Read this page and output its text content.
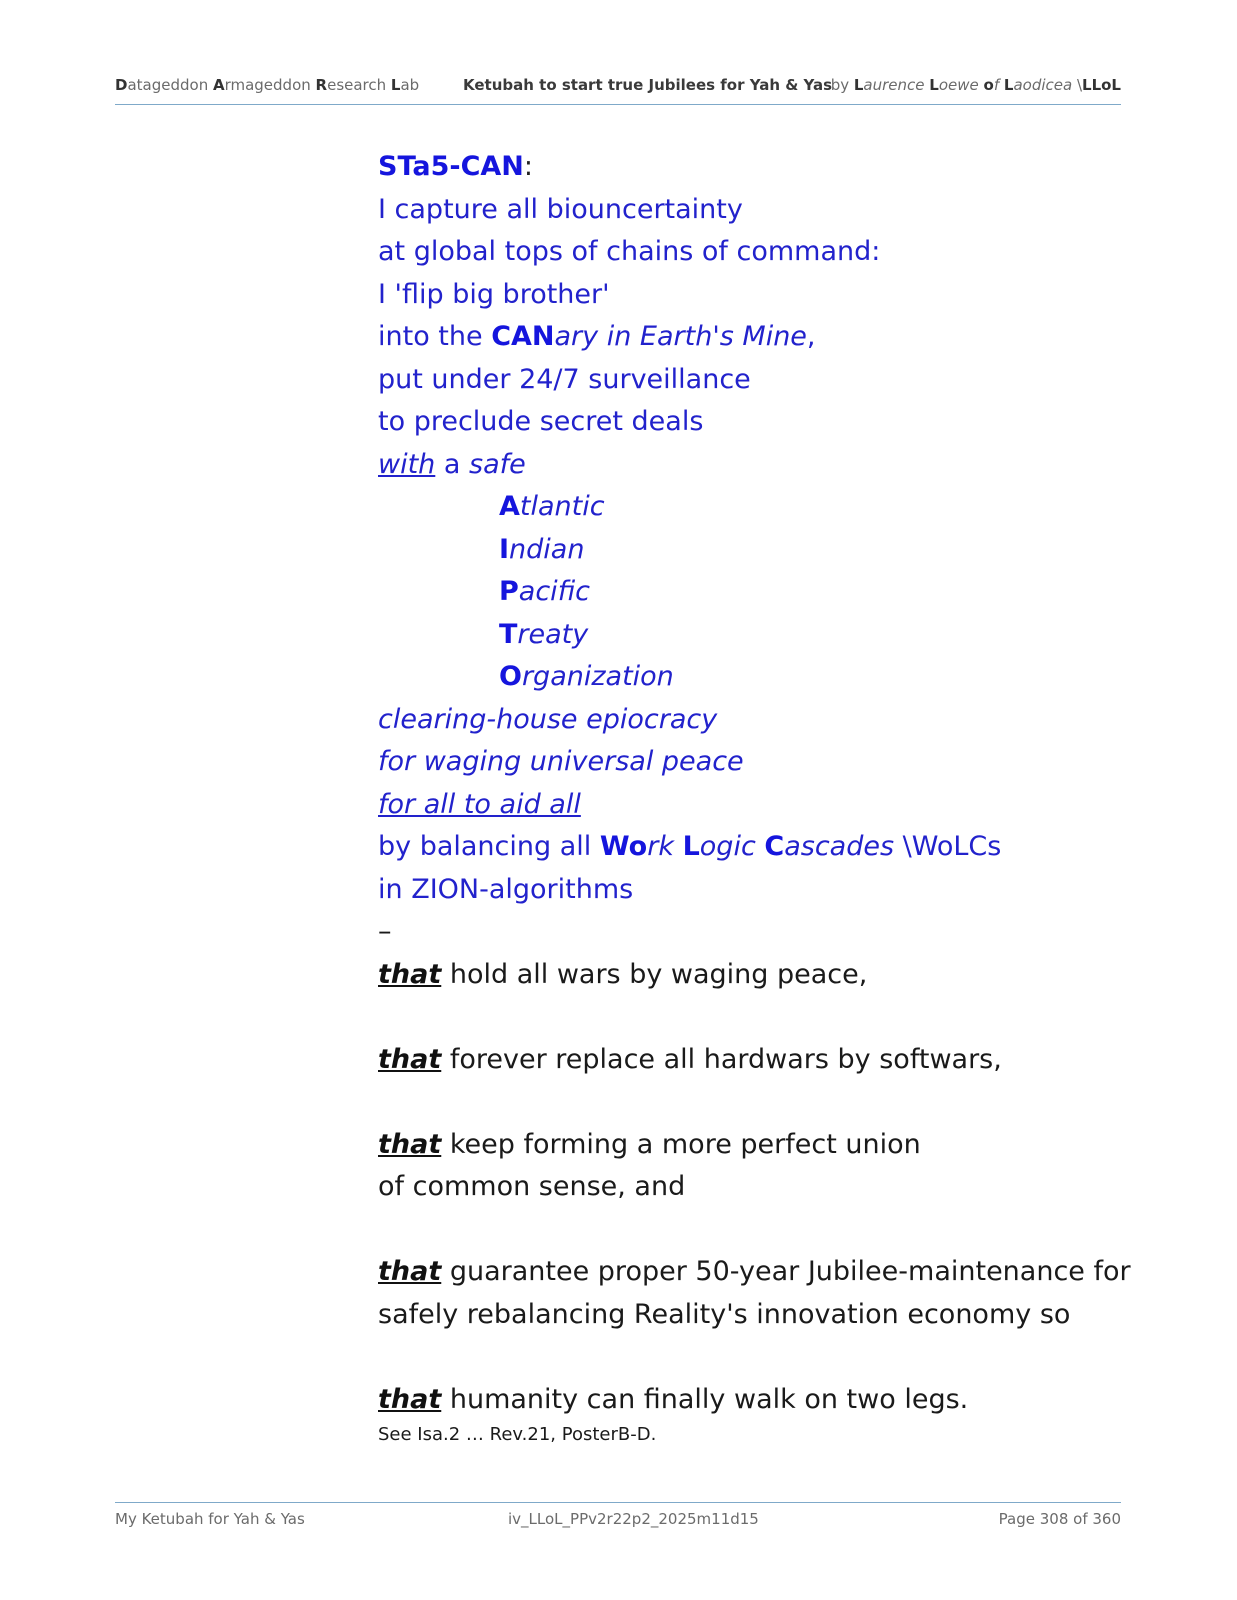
Datageddon Armageddon Research Lab	Ketubah to start true Jubilees for Yah & Yas
by Laurence Loewe of Laodicea \LLoL
STa5-CAN:
I capture all biouncertainty
at global tops of chains of command:
I 'flip big brother'
into the CANary in Earth's Mine,
put under 24/7 surveillance
to preclude secret deals
with a safe
Atlantic
Indian
Pacific
Treaty
Organization
clearing-house epiocracy
for waging universal peace
for all to aid all
by balancing all Work Logic Cascades \WoLCs
in ZION-algorithms
–
that hold all wars by waging peace,
that forever replace all hardwars by softwars,
that keep forming a more perfect union
of common sense, and
that guarantee proper 50-year Jubilee-maintenance for
safely rebalancing Reality's innovation economy so
that humanity can finally walk on two legs.
See Isa.2 … Rev.21, PosterB-D.
My Ketubah for Yah & Yas	iv_LLoL_PPv2r22p2_2025m11d15	Page 308 of 360
